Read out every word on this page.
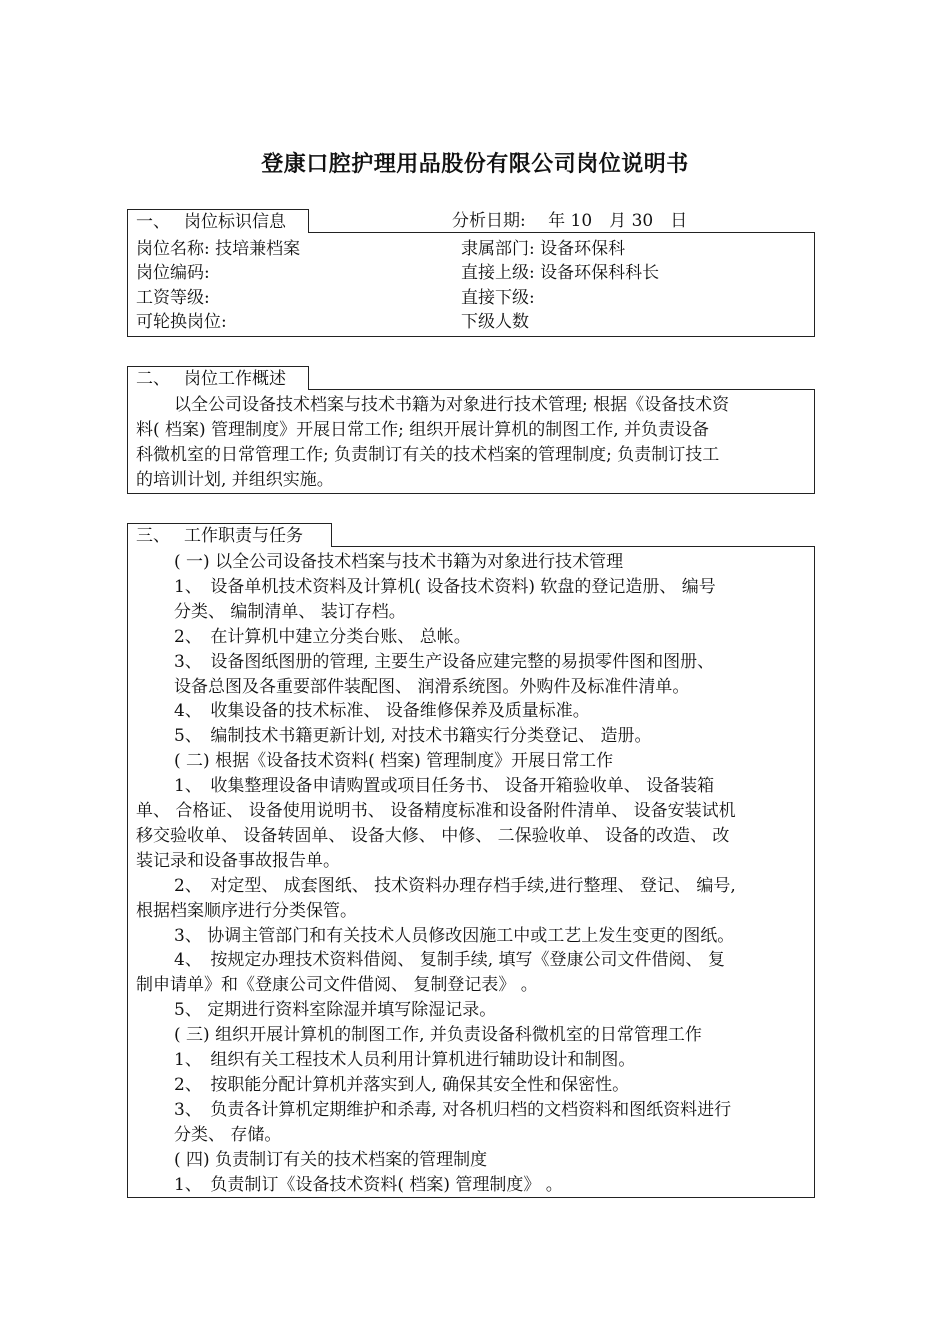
登康口腔护理用品股份有限公司岗位说明书
一、 岗位标识信息	分析日期:　 年 10　月 30　日
岗位名称: 技培兼档案	隶属部门: 设备环保科
岗位编码:	直接上级: 设备环保科科长
工资等级:	直接下级:
可轮换岗位:	下级人数
二、 岗位工作概述
以全公司设备技术档案与技术书籍为对象进行技术管理; 根据《设备技术资
料( 档案) 管理制度》开展日常工作; 组织开展计算机的制图工作, 并负责设备
科微机室的日常管理工作; 负责制订有关的技术档案的管理制度; 负责制订技工
的培训计划, 并组织实施。
三、 工作职责与任务
( 一) 以全公司设备技术档案与技术书籍为对象进行技术管理
1、　设备单机技术资料及计算机( 设备技术资料) 软盘的登记造册、 编号
分类、 编制清单、 装订存档。
2、　在计算机中建立分类台账、 总帐。
3、　设备图纸图册的管理, 主要生产设备应建完整的易损零件图和图册、
设备总图及各重要部件装配图、 润滑系统图。外购件及标准件清单。
4、　收集设备的技术标准、 设备维修保养及质量标准。
5、　编制技术书籍更新计划, 对技术书籍实行分类登记、 造册。
( 二) 根据《设备技术资料( 档案) 管理制度》开展日常工作
1、　收集整理设备申请购置或项目任务书、 设备开箱验收单、 设备装箱
单、 合格证、 设备使用说明书、 设备精度标准和设备附件清单、 设备安装试机
移交验收单、 设备转固单、 设备大修、 中修、 二保验收单、 设备的改造、 改
装记录和设备事故报告单。
2、　对定型、 成套图纸、 技术资料办理存档手续,进行整理、 登记、 编号,
根据档案顺序进行分类保管。
3、 协调主管部门和有关技术人员修改因施工中或工艺上发生变更的图纸。
4、　按规定办理技术资料借阅、 复制手续, 填写《登康公司文件借阅、 复
制申请单》和《登康公司文件借阅、 复制登记表》 。
5、 定期进行资料室除湿并填写除湿记录。
( 三) 组织开展计算机的制图工作, 并负责设备科微机室的日常管理工作
1、　组织有关工程技术人员利用计算机进行辅助设计和制图。
2、　按职能分配计算机并落实到人, 确保其安全性和保密性。
3、　负责各计算机定期维护和杀毒, 对各机归档的文档资料和图纸资料进行
分类、 存储。
( 四) 负责制订有关的技术档案的管理制度
1、　负责制订《设备技术资料( 档案) 管理制度》 。
